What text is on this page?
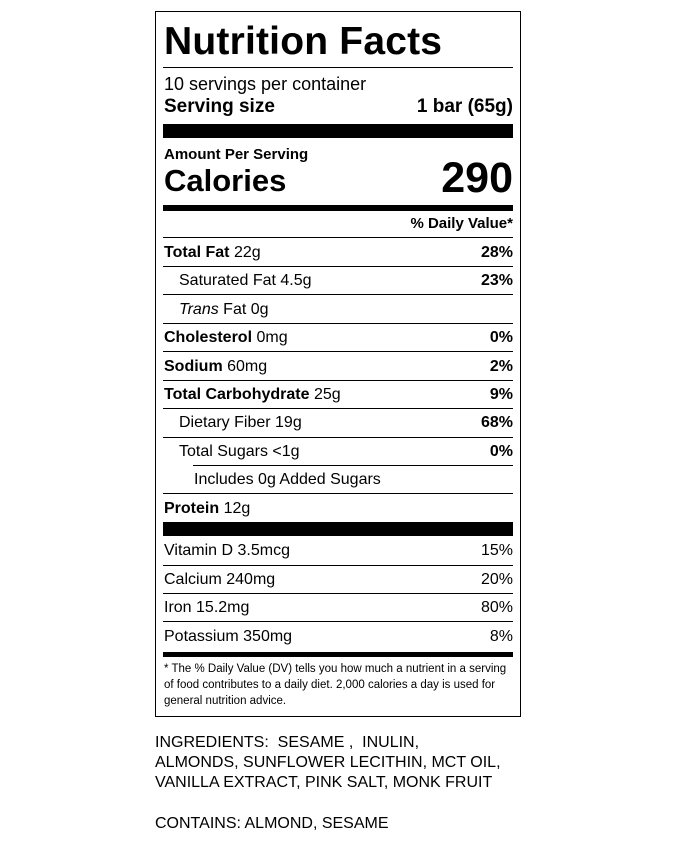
Nutrition Facts
10 servings per container
Serving size	1 bar (65g)
Amount Per Serving
Calories	290
% Daily Value*
Total Fat 22g	28%
Saturated Fat 4.5g	23%
Trans Fat 0g
Cholesterol 0mg	0%
Sodium 60mg	2%
Total Carbohydrate 25g	9%
Dietary Fiber 19g	68%
Total Sugars <1g	0%
Includes 0g Added Sugars
Protein 12g
Vitamin D 3.5mcg	15%
Calcium 240mg	20%
Iron 15.2mg	80%
Potassium 350mg	8%
* The % Daily Value (DV) tells you how much a nutrient in a serving of food contributes to a daily diet. 2,000 calories a day is used for general nutrition advice.
INGREDIENTS:  SESAME ,  INULIN,
ALMONDS, SUNFLOWER LECITHIN, MCT OIL,
VANILLA EXTRACT, PINK SALT, MONK FRUIT
CONTAINS: ALMOND, SESAME
